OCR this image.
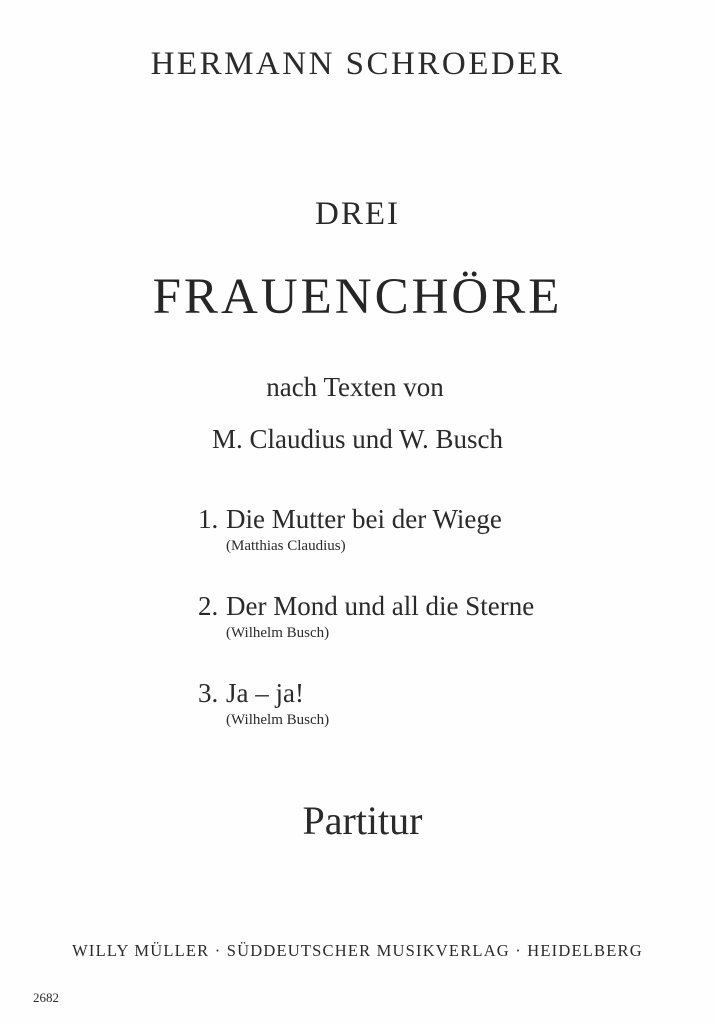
HERMANN SCHROEDER
DREI
FRAUENCHÖRE
nach Texten von
M. Claudius und W. Busch
1. Die Mutter bei der Wiege
(Matthias Claudius)
2. Der Mond und all die Sterne
(Wilhelm Busch)
3. Ja – ja!
(Wilhelm Busch)
Partitur
WILLY MÜLLER · SÜDDEUTSCHER MUSIKVERLAG · HEIDELBERG
2682
